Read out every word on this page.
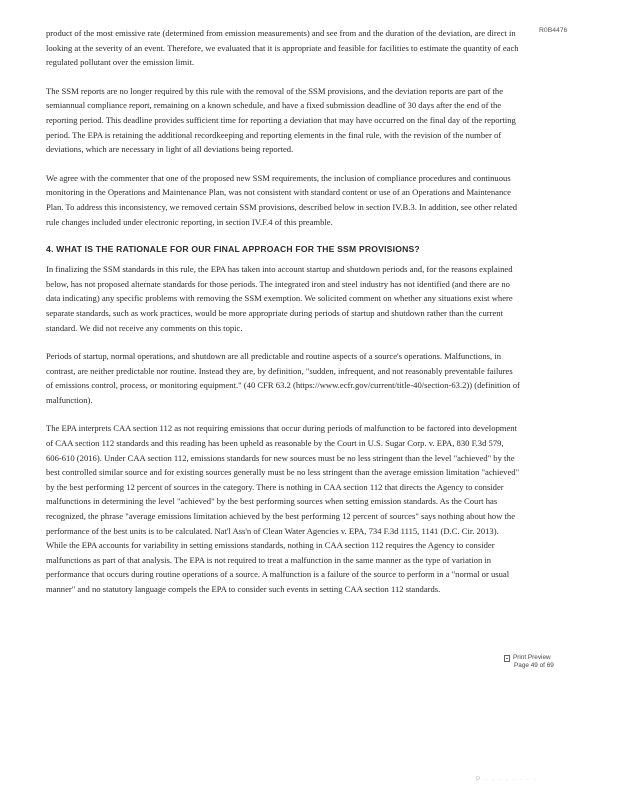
R0B4476

product of the most emissive rate (determined from emission measurements) and see from and the duration of the deviation, are direct in looking at the severity of an event. Therefore, we evaluated that it is appropriate and feasible for facilities to estimate the quantity of each regulated pollutant over the emission limit.

The SSM reports are no longer required by this rule with the removal of the SSM provisions, and the deviation reports are part of the semiannual compliance report, remaining on a known schedule, and have a fixed submission deadline of 30 days after the end of the reporting period. This deadline provides sufficient time for reporting a deviation that may have occurred on the final day of the reporting period. The EPA is retaining the additional recordkeeping and reporting elements in the final rule, with the revision of the number of deviations, which are necessary in light of all deviations being reported.

We agree with the commenter that one of the proposed new SSM requirements, the inclusion of compliance procedures and continuous monitoring in the Operations and Maintenance Plan, was not consistent with standard content or use of an Operations and Maintenance Plan. To address this inconsistency, we removed certain SSM provisions, described below in section IV.B.3. In addition, see other related rule changes included under electronic reporting, in section IV.F.4 of this preamble.

4. WHAT IS THE RATIONALE FOR OUR FINAL APPROACH FOR THE SSM PROVISIONS?

In finalizing the SSM standards in this rule, the EPA has taken into account startup and shutdown periods and, for the reasons explained below, has not proposed alternate standards for those periods. The integrated iron and steel industry has not identified (and there are no data indicating) any specific problems with removing the SSM exemption. We solicited comment on whether any situations exist where separate standards, such as work practices, would be more appropriate during periods of startup and shutdown rather than the current standard. We did not receive any comments on this topic.

Periods of startup, normal operations, and shutdown are all predictable and routine aspects of a source's operations. Malfunctions, in contrast, are neither predictable nor routine. Instead they are, by definition, "sudden, infrequent, and not reasonably preventable failures of emissions control, process, or monitoring equipment." (40 CFR 63.2 (https://www.ecfr.gov/current/title-40/section-63.2)) (definition of malfunction).

The EPA interprets CAA section 112 as not requiring emissions that occur during periods of malfunction to be factored into development of CAA section 112 standards and this reading has been upheld as reasonable by the Court in U.S. Sugar Corp. v. EPA, 830 F.3d 579, 606-610 (2016). Under CAA section 112, emissions standards for new sources must be no less stringent than the level "achieved" by the best controlled similar source and for existing sources generally must be no less stringent than the average emission limitation "achieved" by the best performing 12 percent of sources in the category. There is nothing in CAA section 112 that directs the Agency to consider malfunctions in determining the level "achieved" by the best performing sources when setting emission standards. As the Court has recognized, the phrase "average emissions limitation achieved by the best performing 12 percent of sources" says nothing about how the performance of the best units is to be calculated. Nat'l Ass'n of Clean Water Agencies v. EPA, 734 F.3d 1115, 1141 (D.C. Cir. 2013). While the EPA accounts for variability in setting emissions standards, nothing in CAA section 112 requires the Agency to consider malfunctions as part of that analysis. The EPA is not required to treat a malfunction in the same manner as the type of variation in performance that occurs during routine operations of a source. A malfunction is a failure of the source to perform in a "normal or usual manner" and no statutory language compels the EPA to consider such events in setting CAA section 112 standards.

Print Preview
Page 49 of 69
P · · · · · · · ·
